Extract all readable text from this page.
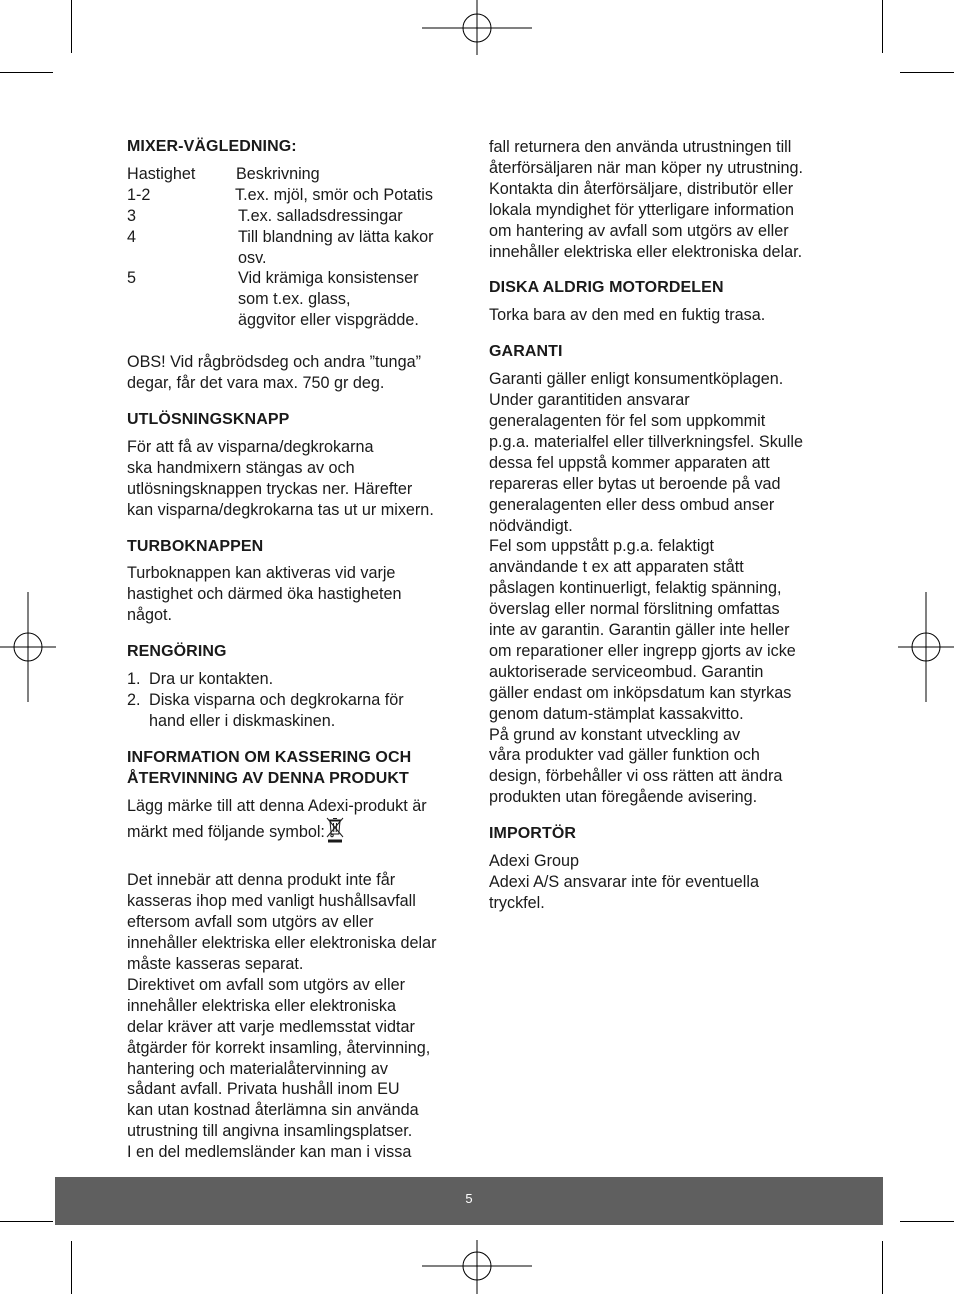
MIXER-VÄGLEDNING:
Hastighet	Beskrivning
1-2	T.ex. mjöl, smör och Potatis
3	T.ex. salladsdressingar
4	Till blandning av lätta kakor
osv.
5	Vid krämiga konsistenser
som t.ex. glass,
äggvitor eller vispgrädde.

OBS! Vid rågbrödsdeg och andra ”tunga”
degar, får det vara max. 750 gr deg.

UTLÖSNINGSKNAPP

För att få av visparna/degkrokarna
ska handmixern stängas av och
utlösningsknappen tryckas ner. Härefter
kan visparna/degkrokarna tas ut ur mixern.

TURBOKNAPPEN

Turboknappen kan aktiveras vid varje
hastighet och därmed öka hastigheten
något.

RENGÖRING
1. Dra ur kontakten.
2. Diska visparna och degkrokarna för
hand eller i diskmaskinen.
INFORMATION OM KASSERING OCH
ÅTERVINNING AV DENNA PRODUKT

Lägg märke till att denna Adexi-produkt är
märkt med följande symbol:

Det innebär att denna produkt inte får
kasseras ihop med vanligt hushållsavfall
eftersom avfall som utgörs av eller
innehåller elektriska eller elektroniska delar
måste kasseras separat.

Direktivet om avfall som utgörs av eller
innehåller elektriska eller elektroniska
delar kräver att varje medlemsstat vidtar
åtgärder för korrekt insamling, återvinning,
hantering och materialåtervinning av
sådant avfall. Privata hushåll inom EU
kan utan kostnad återlämna sin använda
utrustning till angivna insamlingsplatser.
I en del medlemsländer kan man i vissa

fall returnera den använda utrustningen till
återförsäljaren när man köper ny utrustning.
Kontakta din återförsäljare, distributör eller
lokala myndighet för ytterligare information
om hantering av avfall som utgörs av eller
innehåller elektriska eller elektroniska delar.

DISKA ALDRIG MOTORDELEN

Torka bara av den med en fuktig trasa.

GARANTI

Garanti gäller enligt konsumentköplagen.
Under garantitiden ansvarar
generalagenten för fel som uppkommit
p.g.a. materialfel eller tillverkningsfel. Skulle
dessa fel uppstå kommer apparaten att
repareras eller bytas ut beroende på vad
generalagenten eller dess ombud anser
nödvändigt.
Fel som uppstått p.g.a. felaktigt
användande t ex att apparaten stått
påslagen kontinuerligt, felaktig spänning,
överslag eller normal förslitning omfattas
inte av garantin. Garantin gäller inte heller
om reparationer eller ingrepp gjorts av icke
auktoriserade serviceombud. Garantin
gäller endast om inköpsdatum kan styrkas
genom datum-stämplat kassakvitto.
På grund av konstant utveckling av
våra produkter vad gäller funktion och
design, förbehåller vi oss rätten att ändra
produkten utan föregående avisering.

IMPORTÖR

Adexi Group
Adexi A/S ansvarar inte för eventuella
tryckfel.

5
